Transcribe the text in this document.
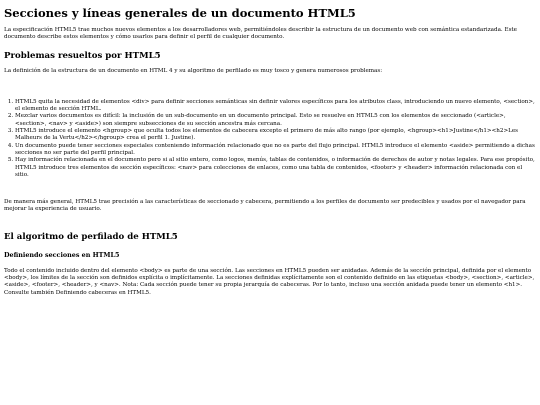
Secciones y líneas generales de un documento HTML5

La especificación HTML5 trae muchos nuevos elementos a los desarrolladores web, permitiéndoles describir la estructura de un documento web con semántica estandarizada. Este documento describe estos elementos y cómo usarlos para definir el perfil de cualquier documento.

Problemas resueltos por HTML5

La definición de la estructura de un documento en HTML 4 y su algoritmo de perfilado es muy tosco y genera numerosos problemas:

1. HTML5 quita la necesidad de elementos <div> para definir secciones semánticas sin definir valores específicos para los atributos class, introduciendo un nuevo elemento, <section>, el elemento de sección HTML.
2. Mezclar varios documentos es difícil: la inclusión de un sub-documento en un documento principal. Esto se resuelve en HTML5 con los elementos de seccionado (<article>, <section>, <nav> y <aside>) son siempre subsecciones de su sección ancestra más cercana.
3. HTML5 introduce el elemento <hgroup> que oculta todos los elementos de cabecera excepto el primero de más alto rango (por ejemplo, <hgroup><h1>Justine</h1><h2>Les Malheurs de la Vertu</h2></hgroup> crea el perfil 1. Justine).
4. Un documento puede tener secciones especiales conteniendo información relacionado que no es parte del flujo principal. HTML5 introduce el elemento <aside> permitiendo a dichas secciones no ser parte del perfil principal.
5. Hay información relacionada en el documento pero si al sitio entero, como logos, menús, tablas de contenidos, o información de derechos de autor y notas legales. Para ese propósito, HTML5 introduce tres elementos de sección específicos: <nav> para colecciones de enlaces, como una tabla de contenidos, <footer> y <header> información relacionada con el sitio.

De manera más general, HTML5 trae precisión a las características de seccionado y cabecera, permitiendo a los perfiles de documento ser predecibles y usados por el navegador para mejorar la experiencia de usuario.

El algoritmo de perfilado de HTML5
Definiendo secciones en HTML5

Todo el contenido incluido dentro del elemento <body> es parte de una sección. Las secciones en HTML5 pueden ser anidadas. Además de la sección principal, definida por el elemento <body>, los límites de la sección son definidos explícita o implícitamente. La secciones definidas explícitamente son el contenido definido en las etiquetas <body>, <section>, <article>, <aside>, <footer>, <header>, y <nav>. Nota: Cada sección puede tener su propia jerarquía de cabeceras. Por lo tanto, incluso una sección anidada puede tener un elemento <h1>. Consulte también Definiendo cabeceras en HTML5.
